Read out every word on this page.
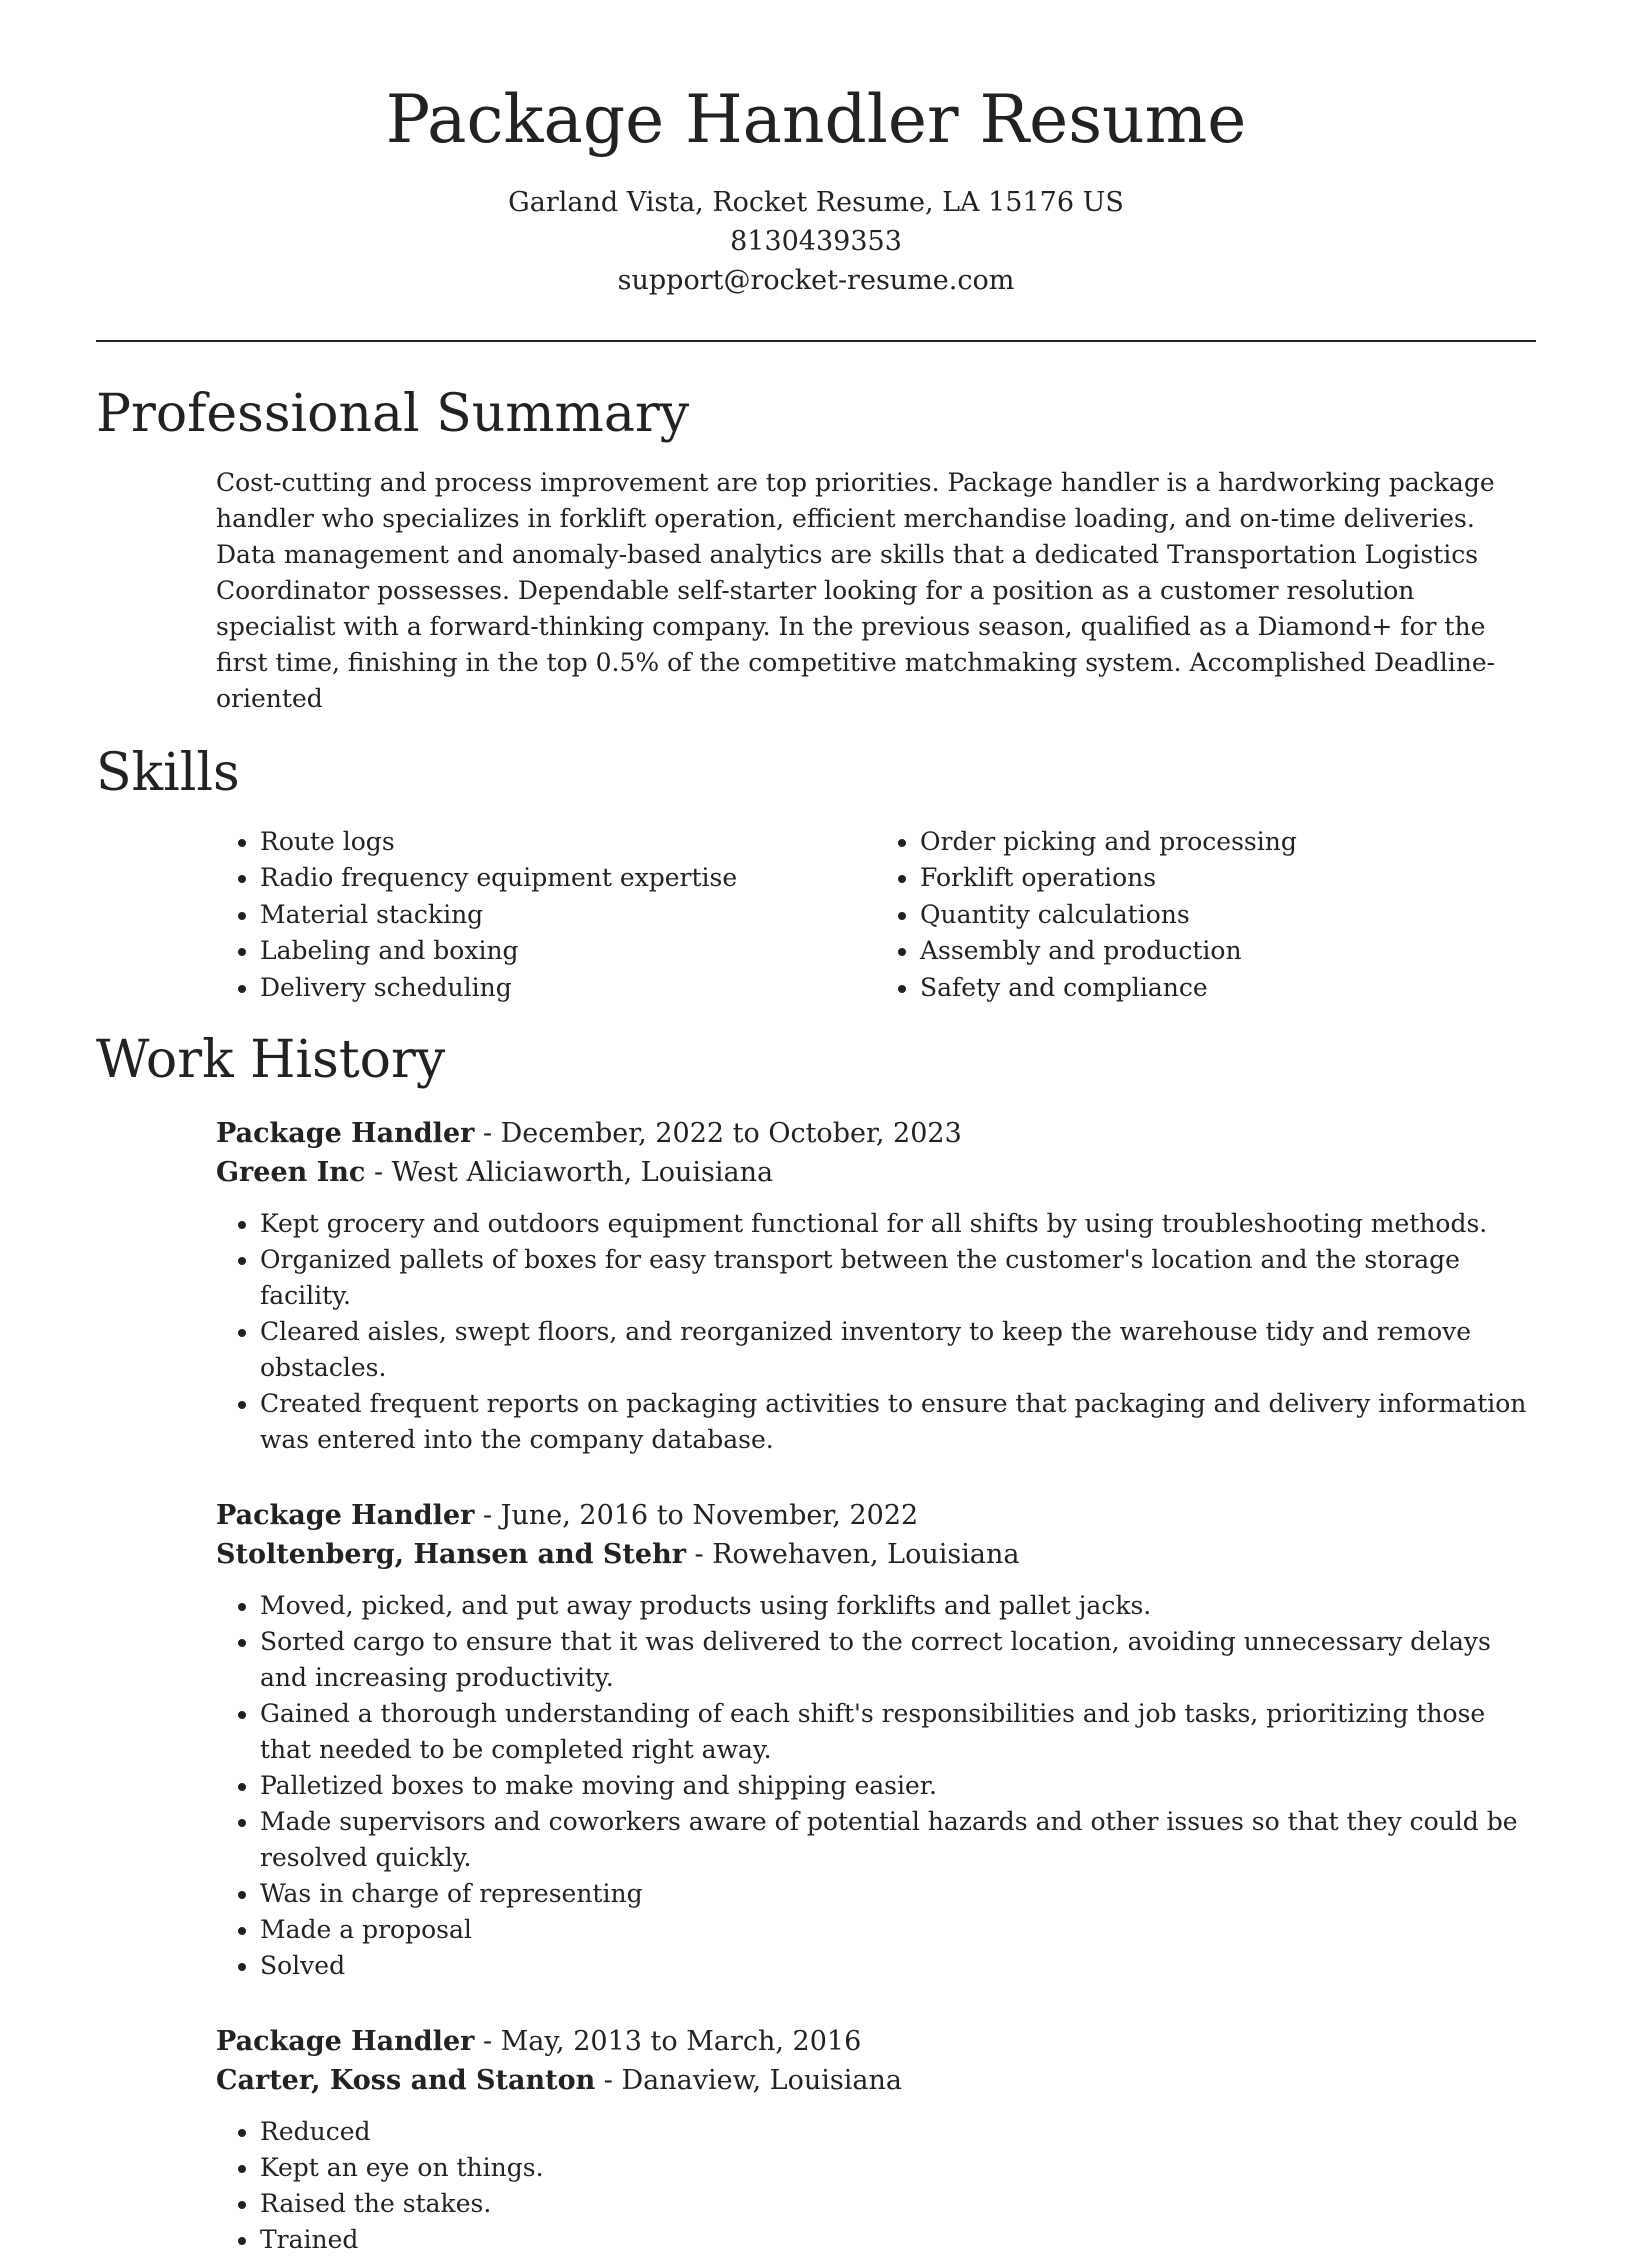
Package Handler Resume
Garland Vista, Rocket Resume, LA 15176 US
8130439353
support@rocket-resume.com
Professional Summary

Cost-cutting and process improvement are top priorities. Package handler is a hardworking package handler who specializes in forklift operation, efficient merchandise loading, and on-time deliveries. Data management and anomaly-based analytics are skills that a dedicated Transportation Logistics Coordinator possesses. Dependable self-starter looking for a position as a customer resolution specialist with a forward-thinking company. In the previous season, qualified as a Diamond+ for the first time, finishing in the top 0.5% of the competitive matchmaking system. Accomplished Deadline-oriented

Skills
• Route logs
• Radio frequency equipment expertise
• Material stacking
• Labeling and boxing
• Delivery scheduling
• Order picking and processing
• Forklift operations
• Quantity calculations
• Assembly and production
• Safety and compliance
Work History
Package Handler - December, 2022 to October, 2023
Green Inc - West Aliciaworth, Louisiana
• Kept grocery and outdoors equipment functional for all shifts by using troubleshooting methods.
• Organized pallets of boxes for easy transport between the customer's location and the storage facility.
• Cleared aisles, swept floors, and reorganized inventory to keep the warehouse tidy and remove obstacles.
• Created frequent reports on packaging activities to ensure that packaging and delivery information was entered into the company database.
Package Handler - June, 2016 to November, 2022
Stoltenberg, Hansen and Stehr - Rowehaven, Louisiana
• Moved, picked, and put away products using forklifts and pallet jacks.
• Sorted cargo to ensure that it was delivered to the correct location, avoiding unnecessary delays and increasing productivity.
• Gained a thorough understanding of each shift's responsibilities and job tasks, prioritizing those that needed to be completed right away.
• Palletized boxes to make moving and shipping easier.
• Made supervisors and coworkers aware of potential hazards and other issues so that they could be resolved quickly.
• Was in charge of representing
• Made a proposal
• Solved
Package Handler - May, 2013 to March, 2016
Carter, Koss and Stanton - Danaview, Louisiana
• Reduced
• Kept an eye on things.
• Raised the stakes.
• Trained
